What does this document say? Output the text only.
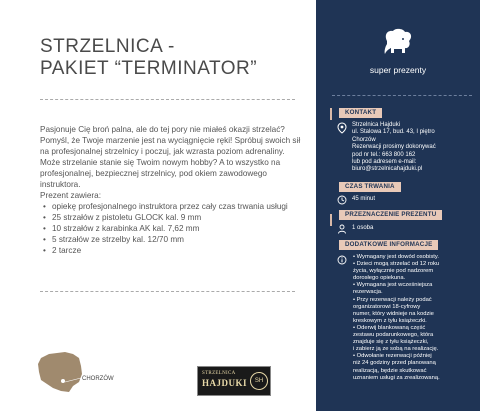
STRZELNICA -
PAKIET “TERMINATOR”

Pasjonuje Cię broń palna, ale do tej pory nie miałeś okazji strzelać? Pomyśl, że Twoje marzenie jest na wyciągnięcie ręki! Spróbuj swoich sił na profesjonalnej strzelnicy i poczuj, jak wzrasta poziom adrenaliny. Może strzelanie stanie się Twoim nowym hobby? A to wszystko na profesjonalnej, bezpiecznej strzelnicy, pod okiem zawodowego instruktora.

Prezent zawiera:

• opiekę profesjonalnego instruktora przez cały czas trwania usługi
• 25 strzałów z pistoletu GLOCK kal. 9 mm
• 10 strzałów z karabinka AK kal. 7,62 mm
• 5 strzałów ze strzelby kal. 12/70 mm
• 2 tarcze
CHORZÓW
STRZELNICA
HAJDUKI	SH
super prezenty
KONTAKT

Strzelnica Hajduki

ul. Stalowa 17, bud. 43, I piętro

Chorzów

Rezerwacji prosimy dokonywać

pod nr tel.: 663 800 162

lub pod adresem e-mail:

biuro@strzelnicahajduki.pl

CZAS TRWANIA
45 minut
PRZEZNACZENIE PREZENTU
1 osoba
DODATKOWE INFORMACJE

• Wymagany jest dowód osobisty.

• Dzieci mogą strzelać od 12 roku

życia, wyłącznie pod nadzorem

dorosłego opiekuna.

• Wymagana jest wcześniejsza

rezerwacja.

• Przy rezerwacji należy podać

organizatorowi 18-cyfrowy

numer, który widnieje na kodzie

kreskowym z tyłu książeczki.

• Oderwij blankowaną część

zestawu podarunkowego, która

znajduje się z tyłu książeczki,

i zabierz ją ze sobą na realizację.

• Odwołanie rezerwacji później

niż 24 godziny przed planowaną

realizacją, będzie skutkować

uznaniem usługi za zrealizowaną.
